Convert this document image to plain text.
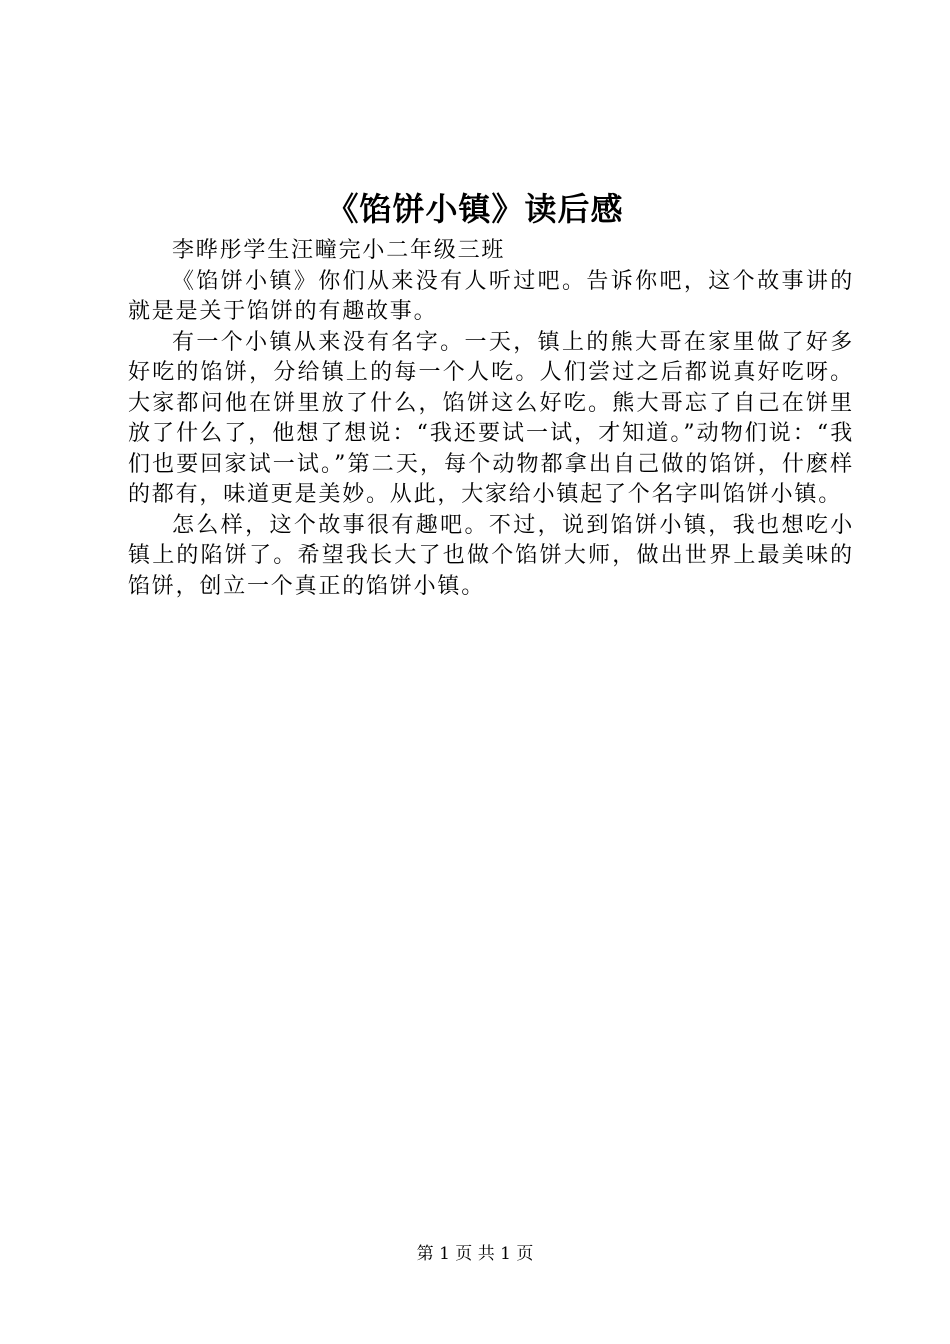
《馅饼小镇》读后感

李晔彤学生汪疃完小二年级三班

《馅饼小镇》你们从来没有人听过吧。告诉你吧，这个故事讲的就是是关于馅饼的有趣故事。

有一个小镇从来没有名字。一天，镇上的熊大哥在家里做了好多好吃的馅饼，分给镇上的每一个人吃。人们尝过之后都说真好吃呀。大家都问他在饼里放了什么，馅饼这么好吃。熊大哥忘了自己在饼里放了什么了，他想了想说：“我还要试一试，才知道。”动物们说：“我们也要回家试一试。”第二天，每个动物都拿出自己做的馅饼，什麽样的都有，味道更是美妙。从此，大家给小镇起了个名字叫馅饼小镇。

怎么样，这个故事很有趣吧。不过，说到馅饼小镇，我也想吃小镇上的陷饼了。希望我长大了也做个馅饼大师，做出世界上最美味的馅饼，创立一个真正的馅饼小镇。

第 1 页 共 1 页
